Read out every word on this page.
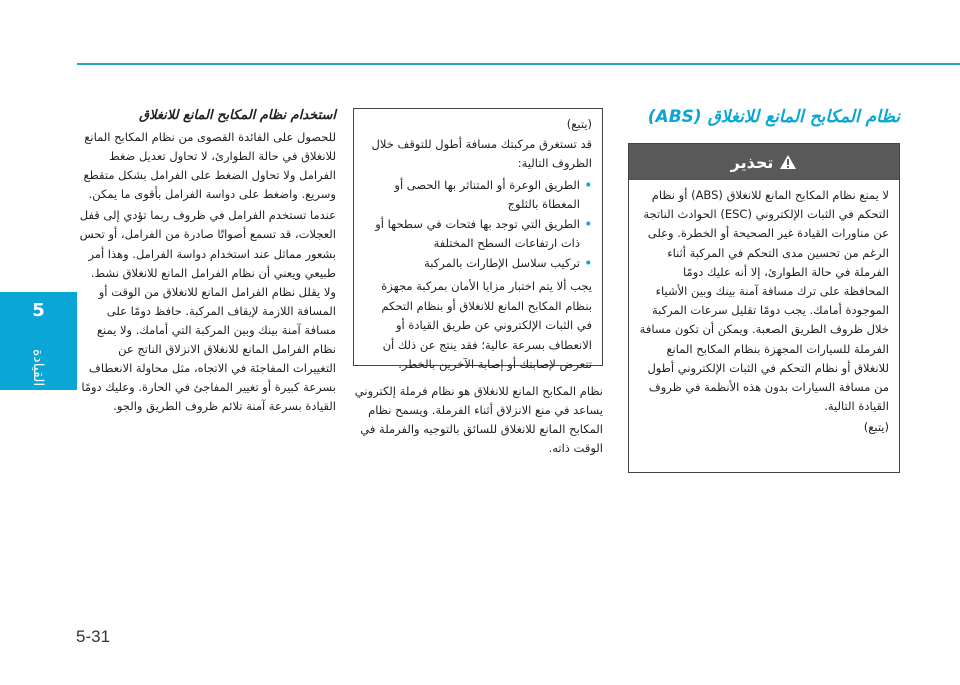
5
القيادة
نظام المكابح المانع للانغلاق (ABS)
تحذير
لا يمنع نظام المكابح المانع للانغلاق (ABS) أو نظام التحكم في الثبات الإلكتروني (ESC) الحوادث الناتجة عن مناورات القيادة غير الصحيحة أو الخطرة. وعلى الرغم من تحسين مدى التحكم في المركبة أثناء الفرملة في حالة الطوارئ، إلا أنه عليك دومًا المحافظة على ترك مسافة آمنة بينك وبين الأشياء الموجودة أمامك. يجب دومًا تقليل سرعات المركبة خلال ظروف الطريق الصعبة. ويمكن أن تكون مسافة الفرملة للسيارات المجهزة بنظام المكابح المانع للانغلاق أو نظام التحكم في الثبات الإلكتروني أطول من مسافة السيارات بدون هذه الأنظمة في ظروف القيادة التالية.
(يتبع)
(يتبع)
قد تستغرق مركبتك مسافة أطول للتوقف خلال الظروف التالية:
• الطريق الوعرة أو المتناثر بها الحصى أو المغطاة بالثلوج
• الطريق التي توجد بها فتحات في سطحها أو ذات ارتفاعات السطح المختلفة
• تركيب سلاسل الإطارات بالمركبة
يجب ألا يتم اختبار مزايا الأمان بمركبة مجهزة بنظام المكابح المانع للانغلاق أو بنظام التحكم في الثبات الإلكتروني عن طريق القيادة أو الانعطاف بسرعة عالية؛ فقد ينتج عن ذلك أن تتعرض لإصابتك أو إصابة الآخرين بالخطر.
نظام المكابح المانع للانغلاق هو نظام فرملة إلكتروني يساعد في منع الانزلاق أثناء الفرملة. ويسمح نظام المكابح المانع للانغلاق للسائق بالتوجيه والفرملة في الوقت ذاته.
استخدام نظام المكابح المانع للانغلاق

للحصول على الفائدة القصوى من نظام المكابح المانع للانغلاق في حالة الطوارئ، لا تحاول تعديل ضغط الفرامل ولا تحاول الضغط على الفرامل بشكل متقطع وسريع. واضغط على دواسة الفرامل بأقوى ما يمكن.

عندما تستخدم الفرامل في ظروف ربما تؤدي إلى قفل العجلات، قد تسمع أصواتًا صادرة من الفرامل، أو تحس بشعور مماثل عند استخدام دواسة الفرامل. وهذا أمر طبيعي ويعني أن نظام الفرامل المانع للانغلاق نشط. ولا يقلل نظام الفرامل المانع للانغلاق من الوقت أو المسافة اللازمة لإيقاف المركبة. حافظ دومًا على مسافة آمنة بينك وبين المركبة التي أمامك. ولا يمنع نظام الفرامل المانع للانغلاق الانزلاق الناتج عن التغييرات المفاجئة في الاتجاه، مثل محاولة الانعطاف بسرعة كبيرة أو تغيير المفاجئ في الحارة. وعليك دومًا القيادة بسرعة آمنة تلائم ظروف الطريق والجو.

5-31
